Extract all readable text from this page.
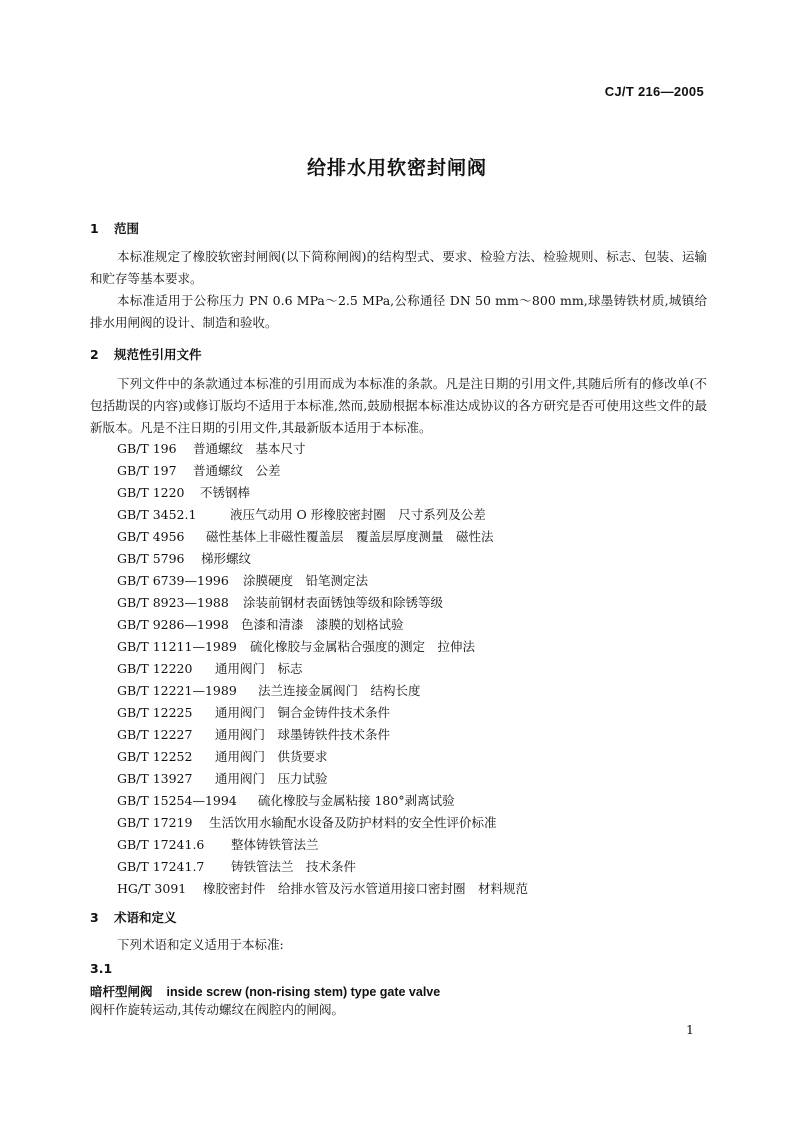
CJ/T 216—2005
给排水用软密封闸阀
1 范围
本标准规定了橡胶软密封闸阀(以下简称闸阀)的结构型式、要求、检验方法、检验规则、标志、包装、运输和贮存等基本要求。
本标准适用于公称压力 PN 0.6 MPa～2.5 MPa,公称通径 DN 50 mm～800 mm,球墨铸铁材质,城镇给排水用闸阀的设计、制造和验收。
2 规范性引用文件
下列文件中的条款通过本标准的引用而成为本标准的条款。凡是注日期的引用文件,其随后所有的修改单(不包括勘误的内容)或修订版均不适用于本标准,然而,鼓励根据本标准达成协议的各方研究是否可使用这些文件的最新版本。凡是不注日期的引用文件,其最新版本适用于本标准。
GB/T 196 普通螺纹　基本尺寸
GB/T 197 普通螺纹　公差
GB/T 1220 不锈钢棒
GB/T 3452.1	液压气动用 O 形橡胶密封圈　尺寸系列及公差
GB/T 4956 磁性基体上非磁性覆盖层　覆盖层厚度测量　磁性法
GB/T 5796 梯形螺纹
GB/T 6739—1996 涂膜硬度　铅笔测定法
GB/T 8923—1988 涂装前钢材表面锈蚀等级和除锈等级
GB/T 9286—1998 色漆和清漆　漆膜的划格试验
GB/T 11211—1989 硫化橡胶与金属粘合强度的测定　拉伸法
GB/T 12220 通用阀门　标志
GB/T 12221—1989 法兰连接金属阀门　结构长度
GB/T 12225 通用阀门　铜合金铸件技术条件
GB/T 12227 通用阀门　球墨铸铁件技术条件
GB/T 12252 通用阀门　供货要求
GB/T 13927 通用阀门　压力试验
GB/T 15254—1994 硫化橡胶与金属粘接 180°剥离试验
GB/T 17219 生活饮用水输配水设备及防护材料的安全性评价标准
GB/T 17241.6 整体铸铁管法兰
GB/T 17241.7 铸铁管法兰　技术条件
HG/T 3091 橡胶密封件　给排水管及污水管道用接口密封圈　材料规范
3 术语和定义
下列术语和定义适用于本标准:
3.1
暗杆型闸阀 inside screw (non-rising stem) type gate valve
阀杆作旋转运动,其传动螺纹在阀腔内的闸阀。
1
